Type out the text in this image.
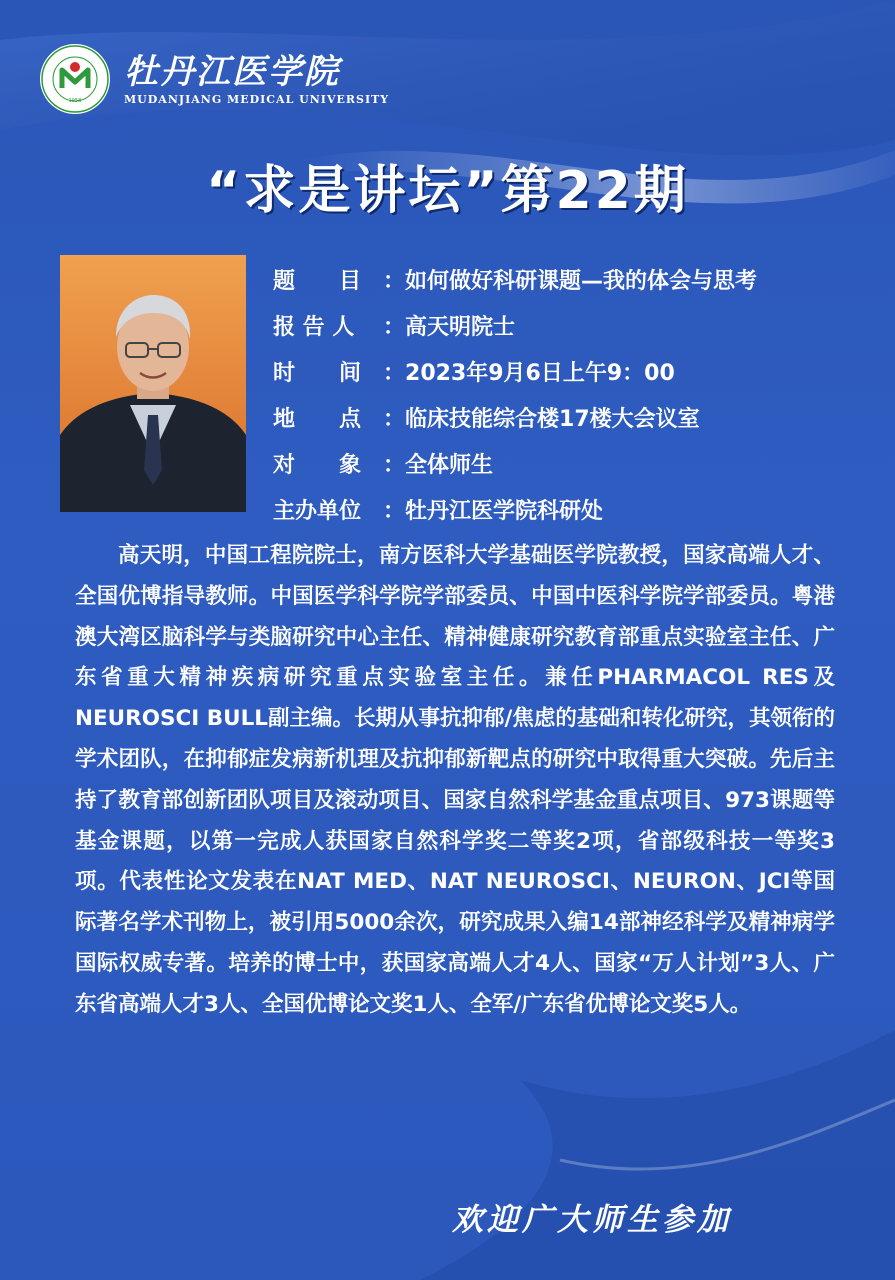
1958
牡丹江医学院
MUDANJIANG MEDICAL UNIVERSITY
“求是讲坛”第22期
题　　目 ： 如何做好科研课题—我的体会与思考
报 告 人	： 高天明院士
时　　间 ： 2023年9月6日上午9：00
地　　点 ： 临床技能综合楼17楼大会议室
对　　象 ： 全体师生
主办单位 ： 牡丹江医学院科研处
高天明，中国工程院院士，南方医科大学基础医学院教授，国家高端人才、全国优博指导教师。中国医学科学院学部委员、中国中医科学院学部委员。粤港澳大湾区脑科学与类脑研究中心主任、精神健康研究教育部重点实验室主任、广东省重大精神疾病研究重点实验室主任。兼任PHARMACOL RES及NEUROSCI BULL副主编。长期从事抗抑郁/焦虑的基础和转化研究，其领衔的学术团队，在抑郁症发病新机理及抗抑郁新靶点的研究中取得重大突破。先后主持了教育部创新团队项目及滚动项目、国家自然科学基金重点项目、973课题等基金课题，以第一完成人获国家自然科学奖二等奖2项，省部级科技一等奖3项。代表性论文发表在NAT MED、NAT NEUROSCI、NEURON、JCI等国际著名学术刊物上，被引用5000余次，研究成果入编14部神经科学及精神病学国际权威专著。培养的博士中，获国家高端人才4人、国家“万人计划”3人、广东省高端人才3人、全国优博论文奖1人、全军/广东省优博论文奖5人。
欢迎广大师生参加
